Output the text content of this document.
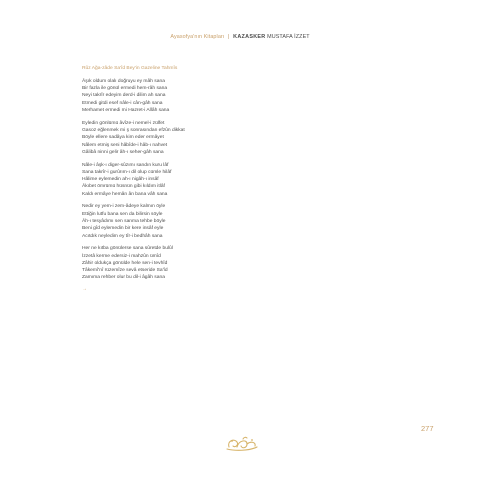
Ayasofya'nın Kitapları | KAZASKER MUSTAFA İZZET
Rûz Ağa-zâde Sa'îd Bey'in Gazeline Tahmîs
Âşık oldum olalı doğruyu ey mâh sana
Bir fazla ile gönül ermedi hem-râh sana
Neyi takrîr edeyim derd-i dilim ah sana
Etmedi gitdi esef nâle-i cân-gâh sana
Merhamet ermedi mi Hazret-i Allâh sana
Eyledin gönlümü âvîze-i nemel-i zülfet
Gasoz eğlenmek mi ş sonrasından efzûn dikkat
Böyle ellere sadâya kim eder ermâyet
Nâlem etmiş seni hâbîde-i hâb-ı nahvet
Gâlibâ ninni gelir âh-ı seher-gâh sana
Nâle-i âşk-ı diger-sûzımı sandın kuru lâf
Sana takrîr-i gurûrım-ı dil olup cümle hilâf
Hâlime eylemedin ah-ı nigâh-ı insâf
Âkıbet ömrümü hüsnün gibi kıldım itlâf
Kaldı ermâye hemân ân bana vâh sana
Nedir ey yem-i zem-âdeye kalmın öyle
Ettiğin lutfu bana sen da bilirsin söyle
Âh-ı tesyâdımı sen sanma tehbe böyle
Beni gîd eylemedin bir kere insâf eyle
Acıtdık neyledim ey tîr-i bedhâh sana
Her ne kıtba gönülerse sana sûretde bulûl
İzzetâ kerme edersiz-i mahzûn ümîd
Zâhir oldukça gönülde hele sen-i tevhîd
Tâkemî'nî rüzemîze sevâ etseride Sa'îd
Zamıma rehber olur bu dil-i âgâh sana
→
277
